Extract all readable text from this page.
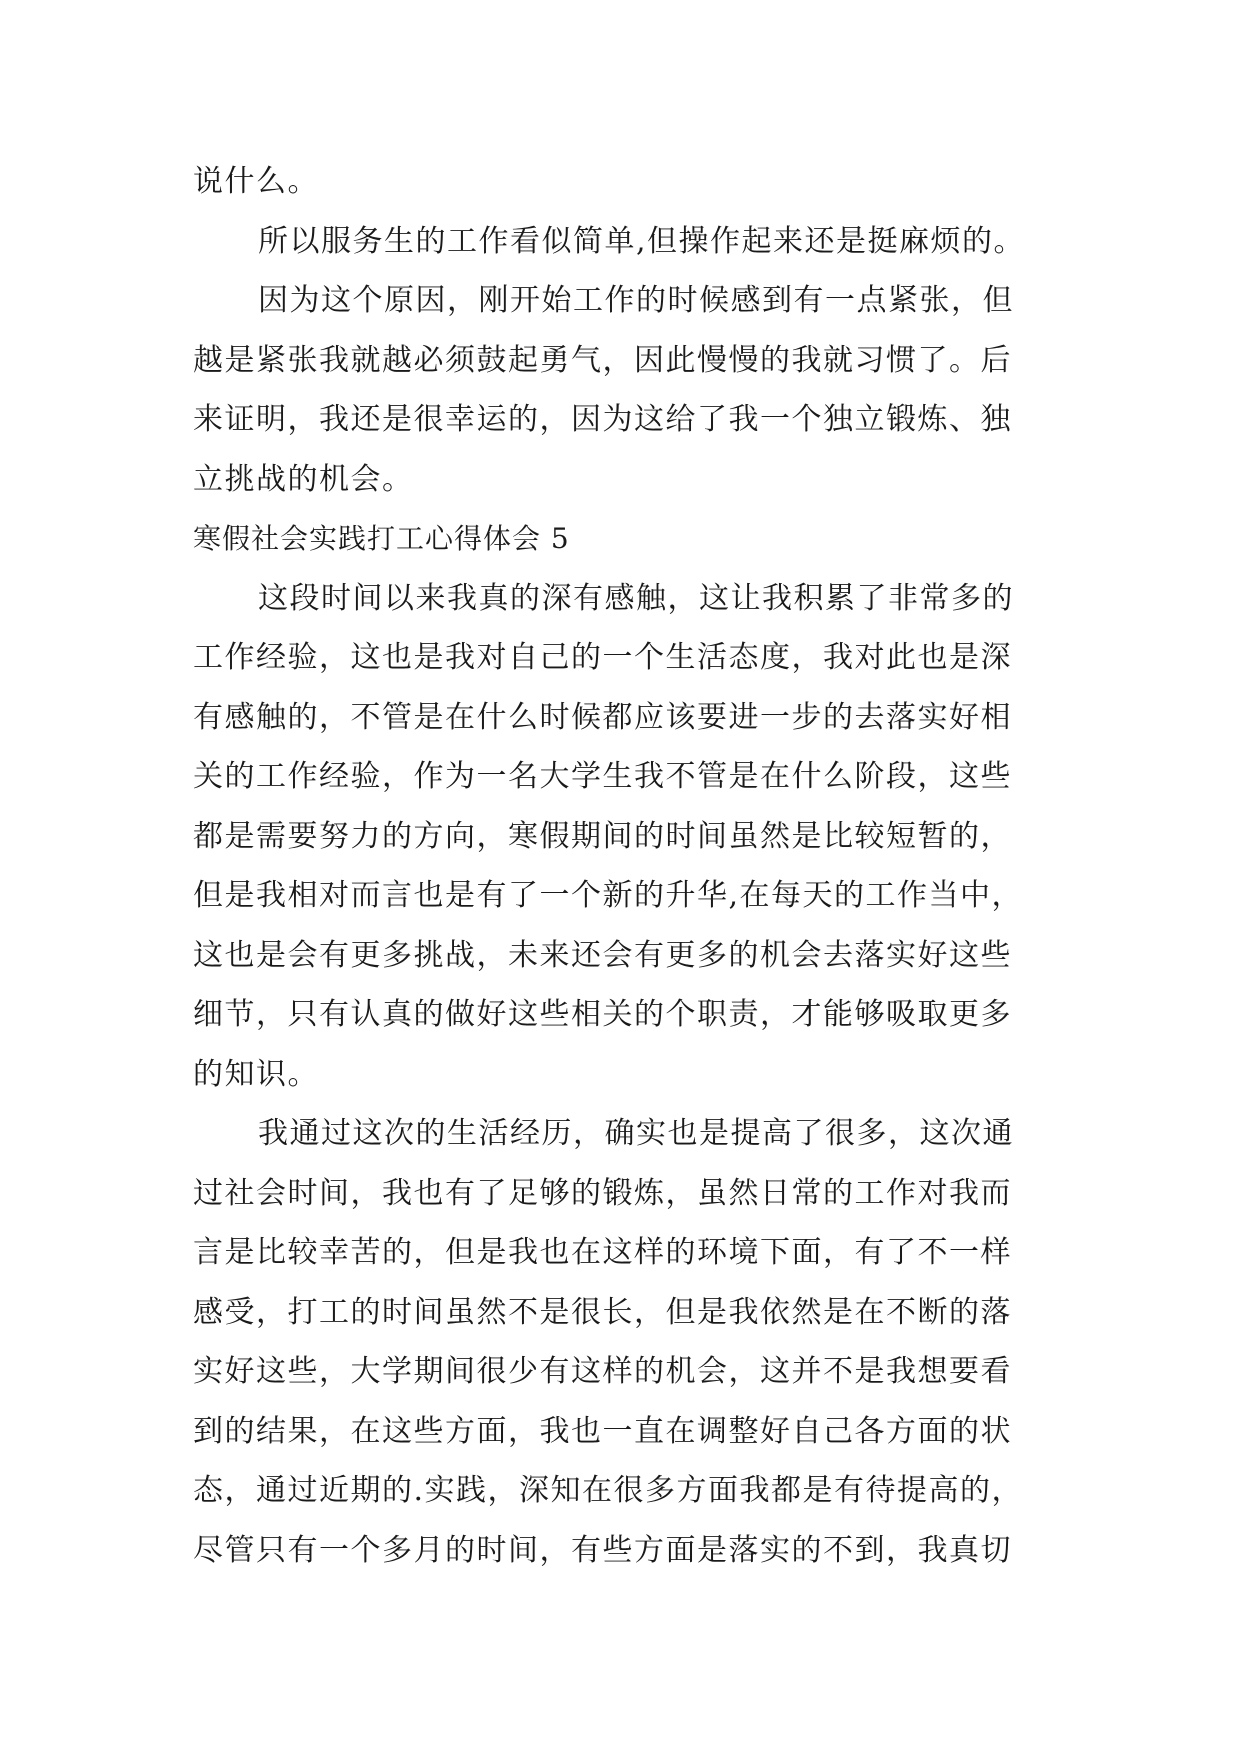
说什么。
所以服务生的工作看似简单,但操作起来还是挺麻烦的。
因为这个原因，刚开始工作的时候感到有一点紧张，但
越是紧张我就越必须鼓起勇气，因此慢慢的我就习惯了。后
来证明，我还是很幸运的，因为这给了我一个独立锻炼、独
立挑战的机会。
寒假社会实践打工心得体会 5
这段时间以来我真的深有感触，这让我积累了非常多的
工作经验，这也是我对自己的一个生活态度，我对此也是深
有感触的，不管是在什么时候都应该要进一步的去落实好相
关的工作经验，作为一名大学生我不管是在什么阶段，这些
都是需要努力的方向，寒假期间的时间虽然是比较短暂的，
但是我相对而言也是有了一个新的升华,在每天的工作当中，
这也是会有更多挑战，未来还会有更多的机会去落实好这些
细节，只有认真的做好这些相关的个职责，才能够吸取更多
的知识。
我通过这次的生活经历，确实也是提高了很多，这次通
过社会时间，我也有了足够的锻炼，虽然日常的工作对我而
言是比较幸苦的，但是我也在这样的环境下面，有了不一样
感受，打工的时间虽然不是很长，但是我依然是在不断的落
实好这些，大学期间很少有这样的机会，这并不是我想要看
到的结果，在这些方面，我也一直在调整好自己各方面的状
态，通过近期的.实践，深知在很多方面我都是有待提高的，
尽管只有一个多月的时间，有些方面是落实的不到，我真切
